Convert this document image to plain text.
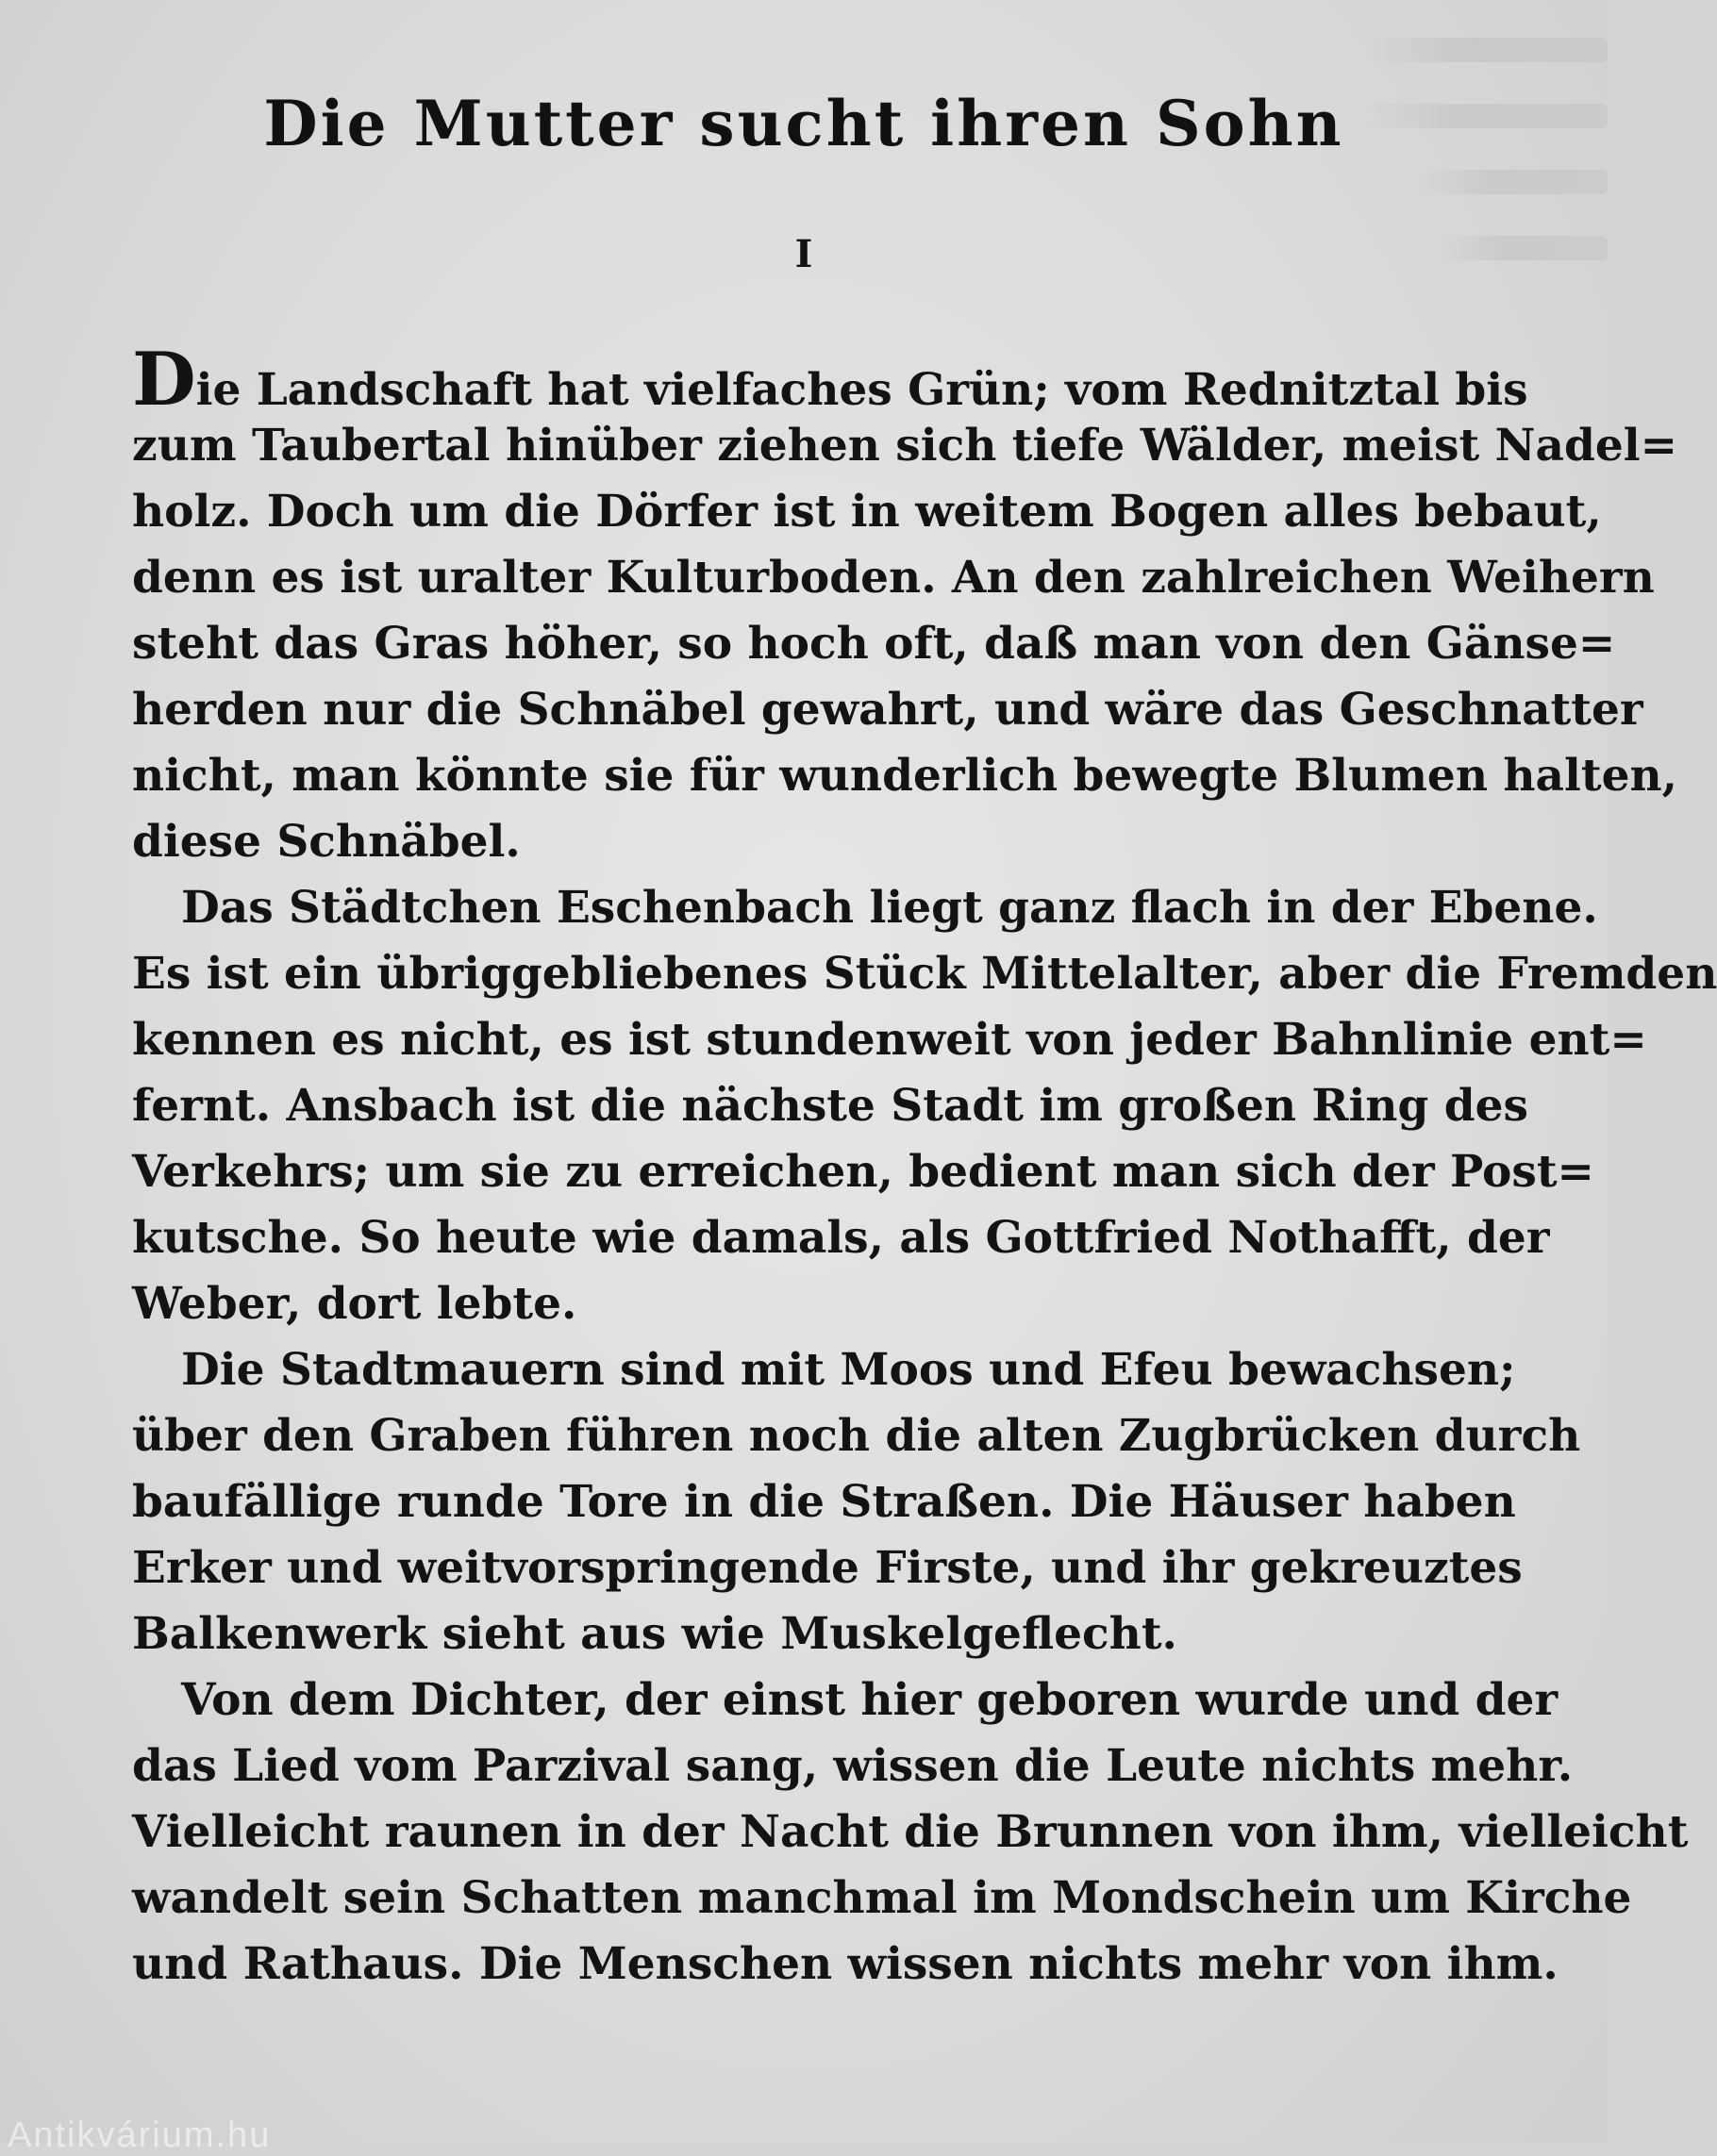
Die Mutter sucht ihren Sohn
I
Die Landschaft hat vielfaches Grün; vom Rednitztal bis
zum Taubertal hinüber ziehen sich tiefe Wälder, meist Nadel=
holz. Doch um die Dörfer ist in weitem Bogen alles bebaut,
denn es ist uralter Kulturboden. An den zahlreichen Weihern
steht das Gras höher, so hoch oft, daß man von den Gänse=
herden nur die Schnäbel gewahrt, und wäre das Geschnatter
nicht, man könnte sie für wunderlich bewegte Blumen halten,
diese Schnäbel.
Das Städtchen Eschenbach liegt ganz flach in der Ebene.
Es ist ein übriggebliebenes Stück Mittelalter, aber die Fremden
kennen es nicht, es ist stundenweit von jeder Bahnlinie ent=
fernt. Ansbach ist die nächste Stadt im großen Ring des
Verkehrs; um sie zu erreichen, bedient man sich der Post=
kutsche. So heute wie damals, als Gottfried Nothafft, der
Weber, dort lebte.
Die Stadtmauern sind mit Moos und Efeu bewachsen;
über den Graben führen noch die alten Zugbrücken durch
baufällige runde Tore in die Straßen. Die Häuser haben
Erker und weitvorspringende Firste, und ihr gekreuztes
Balkenwerk sieht aus wie Muskelgeflecht.
Von dem Dichter, der einst hier geboren wurde und der
das Lied vom Parzival sang, wissen die Leute nichts mehr.
Vielleicht raunen in der Nacht die Brunnen von ihm, vielleicht
wandelt sein Schatten manchmal im Mondschein um Kirche
und Rathaus. Die Menschen wissen nichts mehr von ihm.
Antikvárium.hu
